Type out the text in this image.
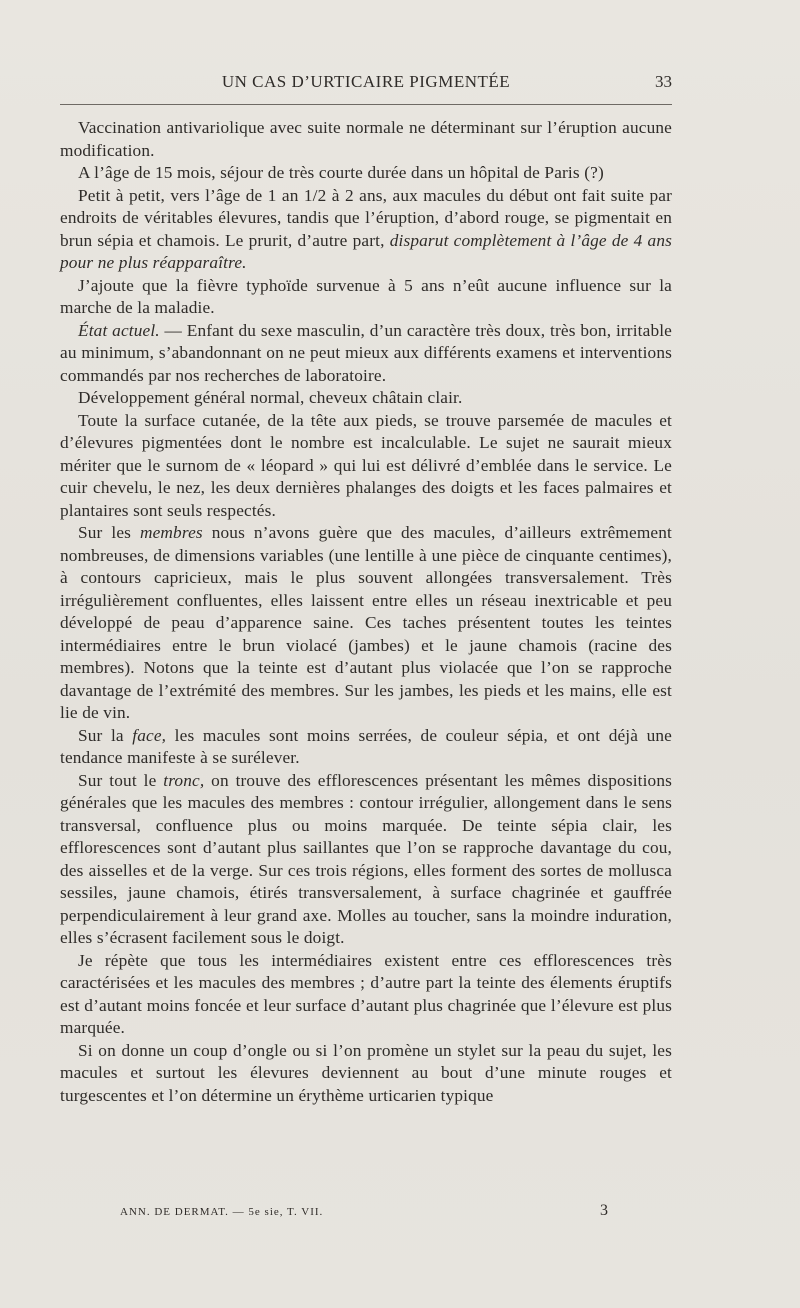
UN CAS D’URTICAIRE PIGMENTÉE	33

Vaccination antivariolique avec suite normale ne déterminant sur l’éruption aucune modification.

A l’âge de 15 mois, séjour de très courte durée dans un hôpital de Paris (?)

Petit à petit, vers l’âge de 1 an 1/2 à 2 ans, aux macules du début ont fait suite par endroits de véritables élevures, tandis que l’éruption, d’abord rouge, se pigmentait en brun sépia et chamois. Le prurit, d’autre part, disparut complètement à l’âge de 4 ans pour ne plus réapparaître.

J’ajoute que la fièvre typhoïde survenue à 5 ans n’eût aucune influence sur la marche de la maladie.

État actuel. — Enfant du sexe masculin, d’un caractère très doux, très bon, irritable au minimum, s’abandonnant on ne peut mieux aux différents examens et interventions commandés par nos recherches de laboratoire.

Développement général normal, cheveux châtain clair.

Toute la surface cutanée, de la tête aux pieds, se trouve parsemée de macules et d’élevures pigmentées dont le nombre est incalculable. Le sujet ne saurait mieux mériter que le surnom de « léopard » qui lui est délivré d’emblée dans le service. Le cuir chevelu, le nez, les deux dernières phalanges des doigts et les faces palmaires et plantaires sont seuls respectés.

Sur les membres nous n’avons guère que des macules, d’ailleurs extrêmement nombreuses, de dimensions variables (une lentille à une pièce de cinquante centimes), à contours capricieux, mais le plus souvent allongées transversalement. Très irrégulièrement confluentes, elles laissent entre elles un réseau inextricable et peu développé de peau d’apparence saine. Ces taches présentent toutes les teintes intermédiaires entre le brun violacé (jambes) et le jaune chamois (racine des membres). Notons que la teinte est d’autant plus violacée que l’on se rapproche davantage de l’extrémité des membres. Sur les jambes, les pieds et les mains, elle est lie de vin.

Sur la face, les macules sont moins serrées, de couleur sépia, et ont déjà une tendance manifeste à se surélever.

Sur tout le tronc, on trouve des efflorescences présentant les mêmes dispositions générales que les macules des membres : contour irrégulier, allongement dans le sens transversal, confluence plus ou moins marquée. De teinte sépia clair, les efflorescences sont d’autant plus saillantes que l’on se rapproche davantage du cou, des aisselles et de la verge. Sur ces trois régions, elles forment des sortes de mollusca sessiles, jaune chamois, étirés transversalement, à surface chagrinée et gauffrée perpendiculairement à leur grand axe. Molles au toucher, sans la moindre induration, elles s’écrasent facilement sous le doigt.

Je répète que tous les intermédiaires existent entre ces efflorescences très caractérisées et les macules des membres ; d’autre part la teinte des élements éruptifs est d’autant moins foncée et leur surface d’autant plus chagrinée que l’élevure est plus marquée.

Si on donne un coup d’ongle ou si l’on promène un stylet sur la peau du sujet, les macules et surtout les élevures deviennent au bout d’une minute rouges et turgescentes et l’on détermine un érythème urticarien typique

ANN. DE DERMAT. — 5e sie, T. VII.	3
